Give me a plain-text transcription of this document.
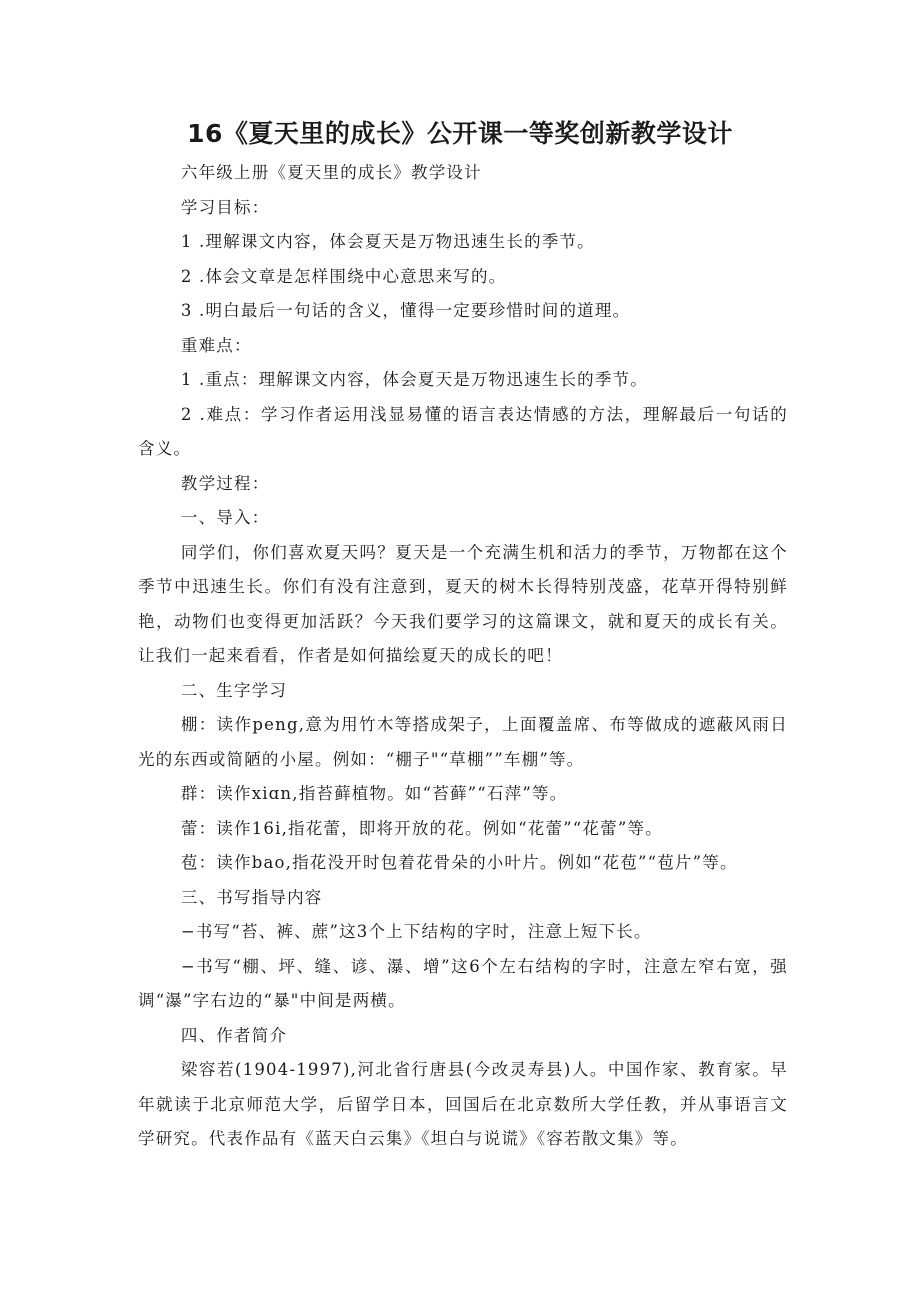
16《夏天里的成长》公开课一等奖创新教学设计

六年级上册《夏天里的成长》教学设计

学习目标：

1 .理解课文内容，体会夏天是万物迅速生长的季节。

2 .体会文章是怎样围绕中心意思来写的。

3 .明白最后一句话的含义，懂得一定要珍惜时间的道理。

重难点：

1 .重点：理解课文内容，体会夏天是万物迅速生长的季节。

2 .难点：学习作者运用浅显易懂的语言表达情感的方法，理解最后一句话的含义。

教学过程：

一、导入：

同学们，你们喜欢夏天吗？夏天是一个充满生机和活力的季节，万物都在这个季节中迅速生长。你们有没有注意到，夏天的树木长得特别茂盛，花草开得特别鲜艳，动物们也变得更加活跃？今天我们要学习的这篇课文，就和夏天的成长有关。让我们一起来看看，作者是如何描绘夏天的成长的吧！

二、生字学习

棚：读作peng,意为用竹木等搭成架子，上面覆盖席、布等做成的遮蔽风雨日光的东西或简陋的小屋。例如：“棚子"“草棚””车棚”等。

群：读作xiɑn,指苔藓植物。如“苔藓”“石萍”等。

蕾：读作16i,指花蕾，即将开放的花。例如“花蕾”“花蕾”等。

苞：读作bao,指花没开时包着花骨朵的小叶片。例如“花苞”“苞片”等。

三、书写指导内容

−书写“苔、裤、蔗”这3个上下结构的字时，注意上短下长。

−书写“棚、坪、缝、谚、瀑、增”这6个左右结构的字时，注意左窄右宽，强调“瀑”字右边的“暴"中间是两横。

四、作者简介

梁容若(1904-1997),河北省行唐县(今改灵寿县)人。中国作家、教育家。早年就读于北京师范大学，后留学日本，回国后在北京数所大学任教，并从事语言文学研究。代表作品有《蓝天白云集》《坦白与说谎》《容若散文集》等。
